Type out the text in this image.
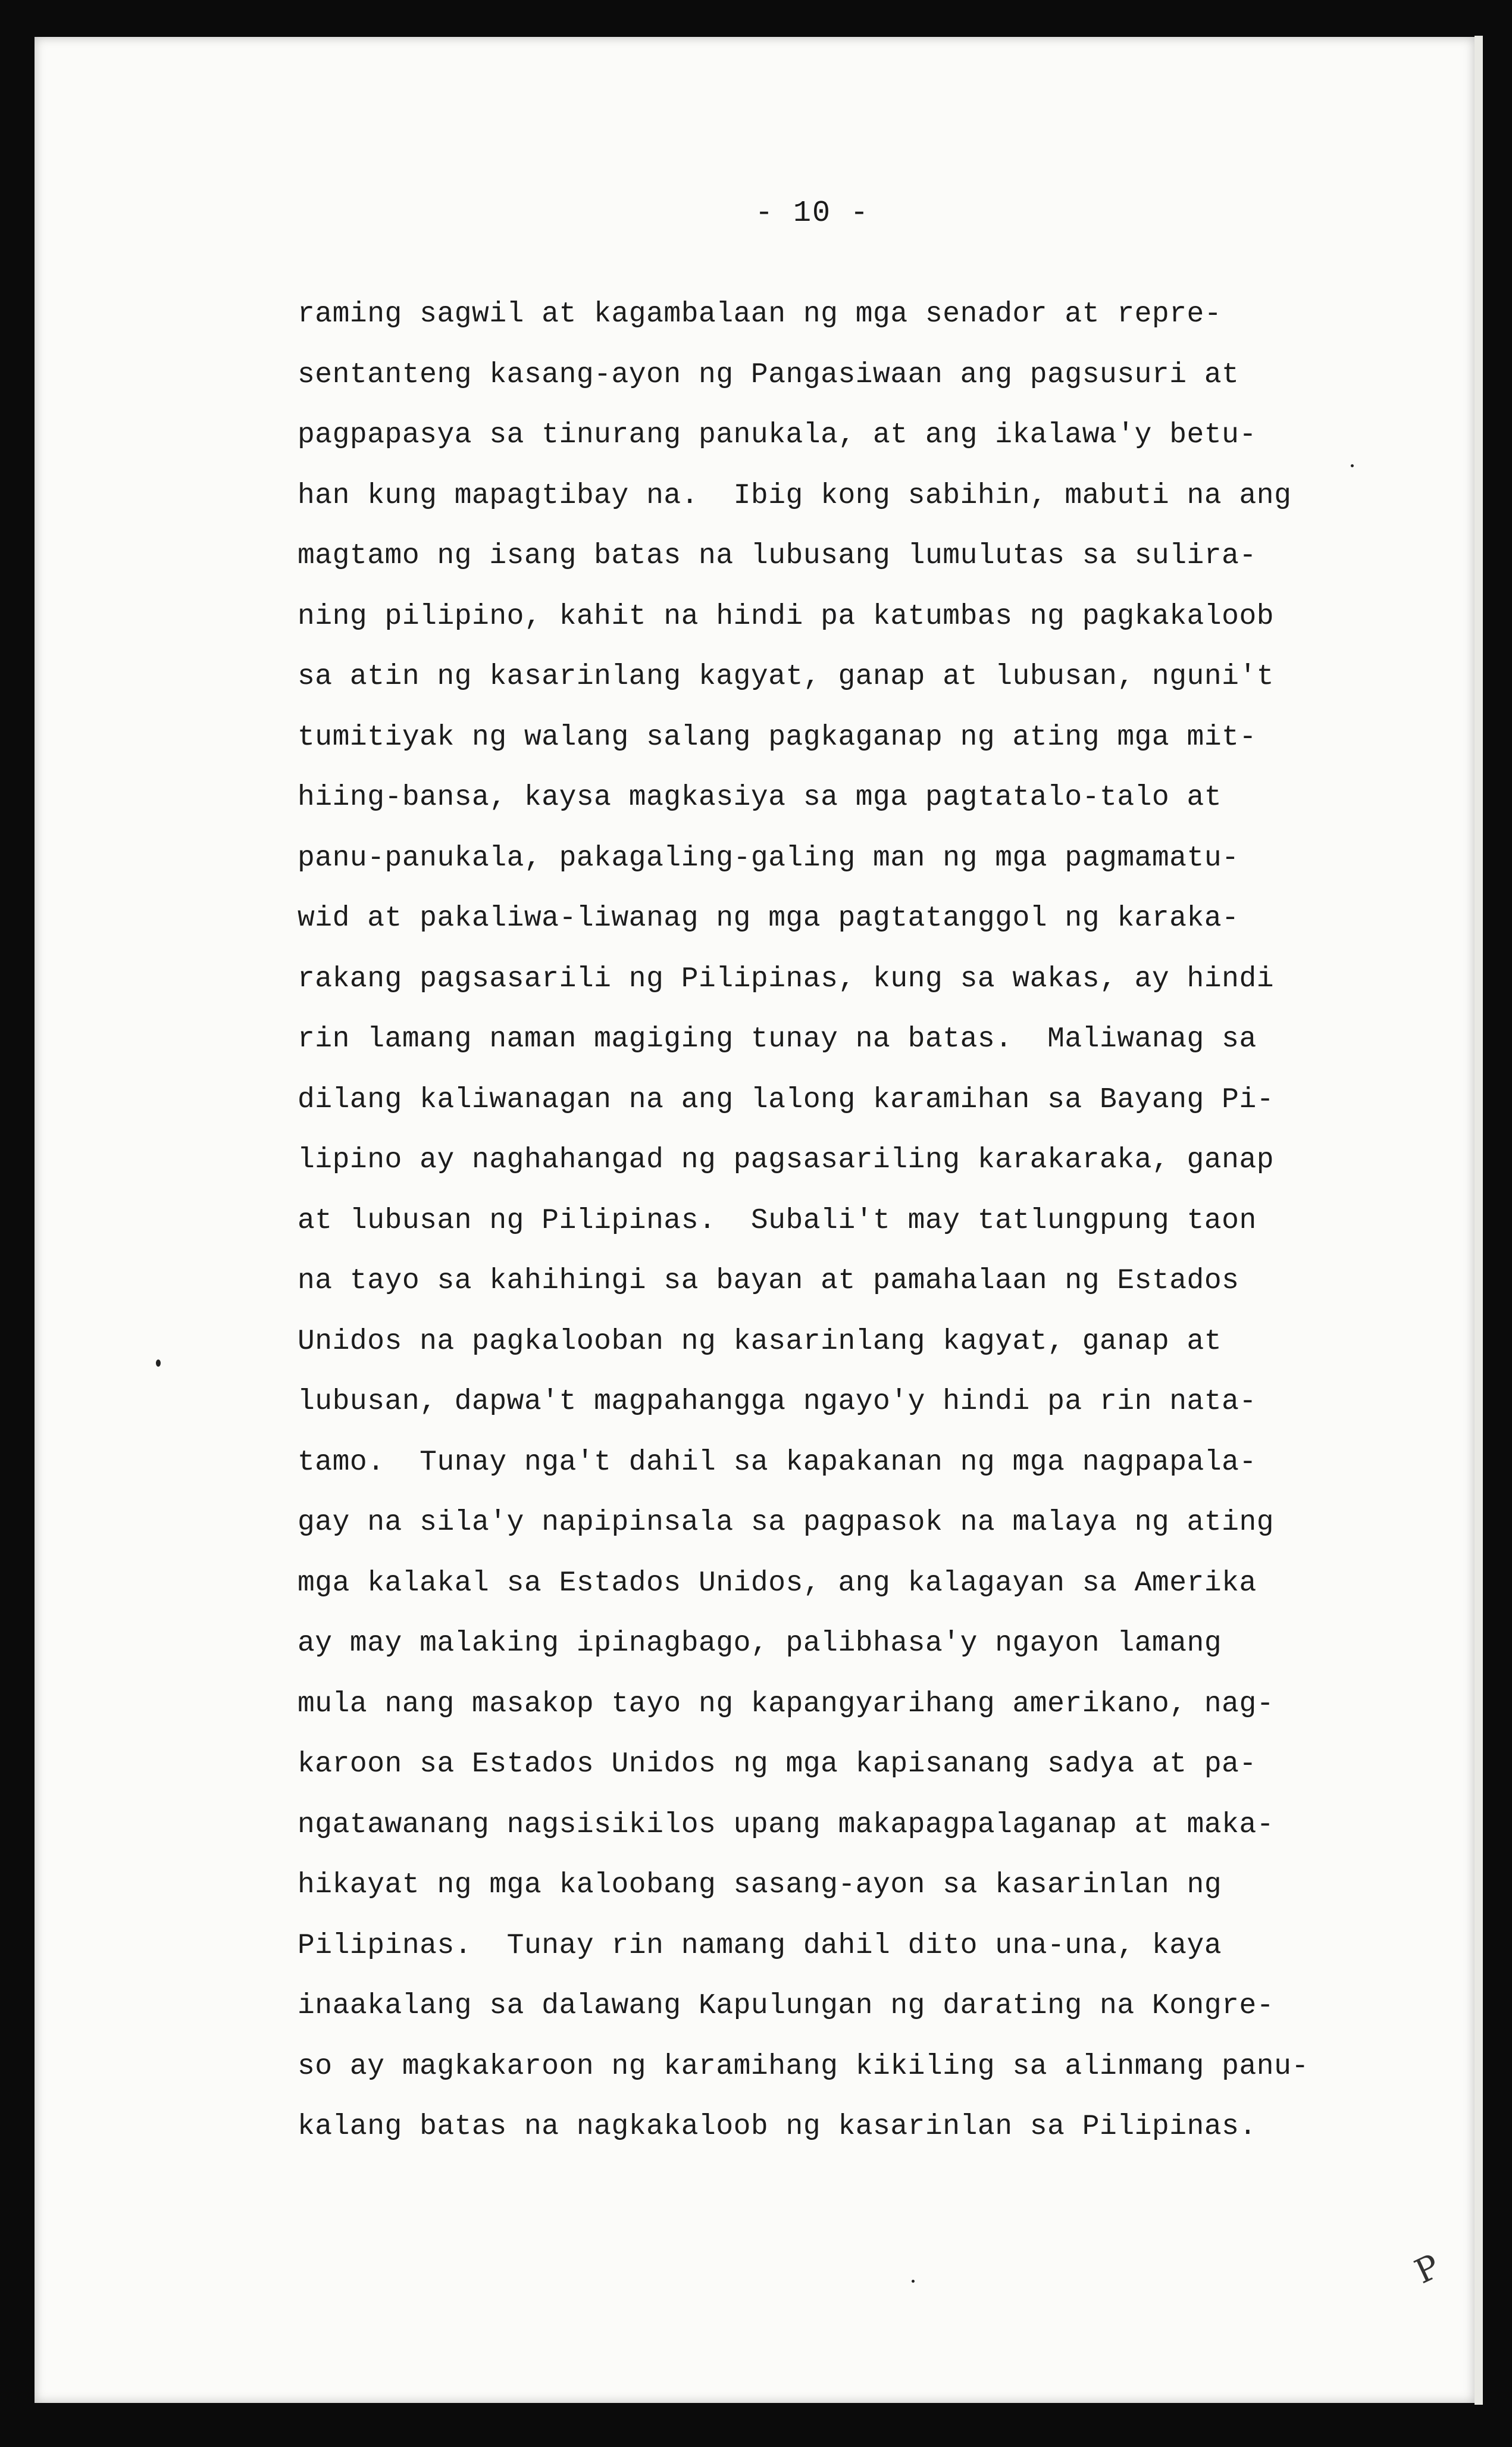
- 10 -
raming sagwil at kagambalaan ng mga senador at repre-
sentanteng kasang-ayon ng Pangasiwaan ang pagsusuri at
pagpapasya sa tinurang panukala, at ang ikalawa'y betu-
han kung mapagtibay na.  Ibig kong sabihin, mabuti na ang
magtamo ng isang batas na lubusang lumulutas sa sulira-
ning pilipino, kahit na hindi pa katumbas ng pagkakaloob
sa atin ng kasarinlang kagyat, ganap at lubusan, nguni't
tumitiyak ng walang salang pagkaganap ng ating mga mit-
hiing-bansa, kaysa magkasiya sa mga pagtatalo-talo at
panu-panukala, pakagaling-galing man ng mga pagmamatu-
wid at pakaliwa-liwanag ng mga pagtatanggol ng karaka-
rakang pagsasarili ng Pilipinas, kung sa wakas, ay hindi
rin lamang naman magiging tunay na batas.  Maliwanag sa
dilang kaliwanagan na ang lalong karamihan sa Bayang Pi-
lipino ay naghahangad ng pagsasariling karakaraka, ganap
at lubusan ng Pilipinas.  Subali't may tatlungpung taon
na tayo sa kahihingi sa bayan at pamahalaan ng Estados
Unidos na pagkalooban ng kasarinlang kagyat, ganap at
lubusan, dapwa't magpahangga ngayo'y hindi pa rin nata-
tamo.  Tunay nga't dahil sa kapakanan ng mga nagpapala-
gay na sila'y napipinsala sa pagpasok na malaya ng ating
mga kalakal sa Estados Unidos, ang kalagayan sa Amerika
ay may malaking ipinagbago, palibhasa'y ngayon lamang
mula nang masakop tayo ng kapangyarihang amerikano, nag-
karoon sa Estados Unidos ng mga kapisanang sadya at pa-
ngatawanang nagsisikilos upang makapagpalaganap at maka-
hikayat ng mga kaloobang sasang-ayon sa kasarinlan ng
Pilipinas.  Tunay rin namang dahil dito una-una, kaya
inaakalang sa dalawang Kapulungan ng darating na Kongre-
so ay magkakaroon ng karamihang kikiling sa alinmang panu-
kalang batas na nagkakaloob ng kasarinlan sa Pilipinas.
P
